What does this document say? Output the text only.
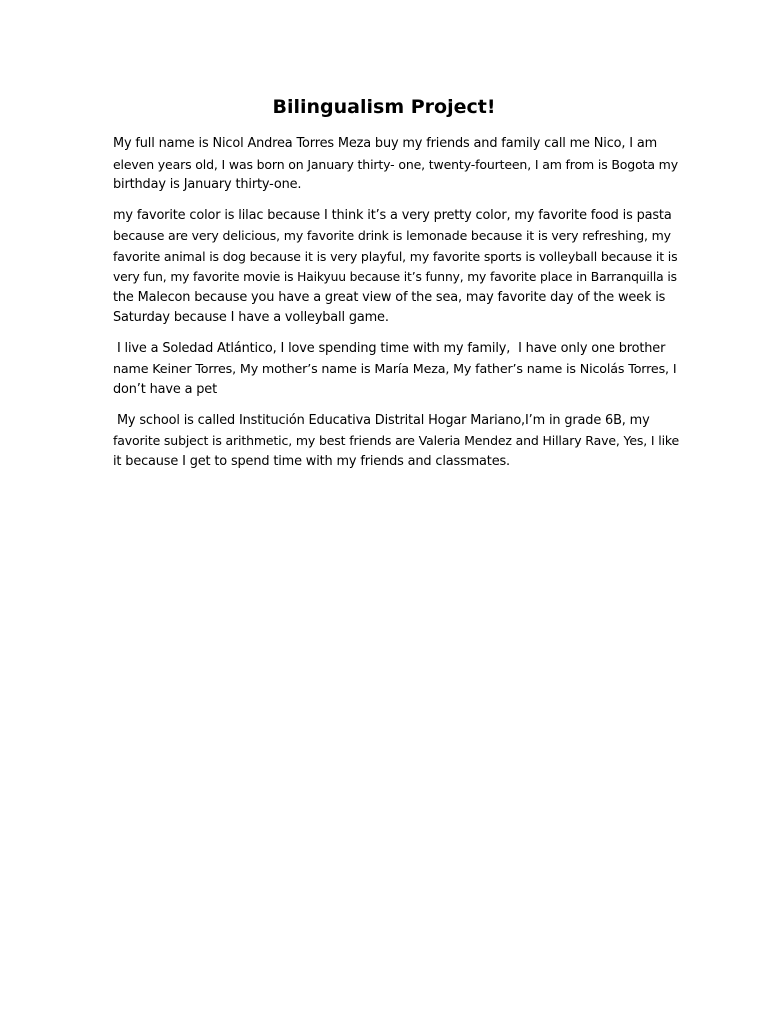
Bilingualism Project!

My full name is Nicol Andrea Torres Meza buy my friends and family call me Nico, I am
eleven years old, I was born on January thirty- one, twenty-fourteen, I am from is Bogota my
birthday is January thirty-one.

my favorite color is lilac because I think it’s a very pretty color, my favorite food is pasta
because are very delicious, my favorite drink is lemonade because it is very refreshing, my
favorite animal is dog because it is very playful, my favorite sports is volleyball because it is
very fun, my favorite movie is Haikyuu because it’s funny, my favorite place in Barranquilla is
the Malecon because you have a great view of the sea, may favorite day of the week is
Saturday because I have a volleyball game.

I live a Soledad Atlántico, I love spending time with my family,  I have only one brother
name Keiner Torres, My mother’s name is María Meza, My father’s name is Nicolás Torres, I
don’t have a pet

My school is called Institución Educativa Distrital Hogar Mariano,I’m in grade 6B, my
favorite subject is arithmetic, my best friends are Valeria Mendez and Hillary Rave, Yes, I like
it because I get to spend time with my friends and classmates.
